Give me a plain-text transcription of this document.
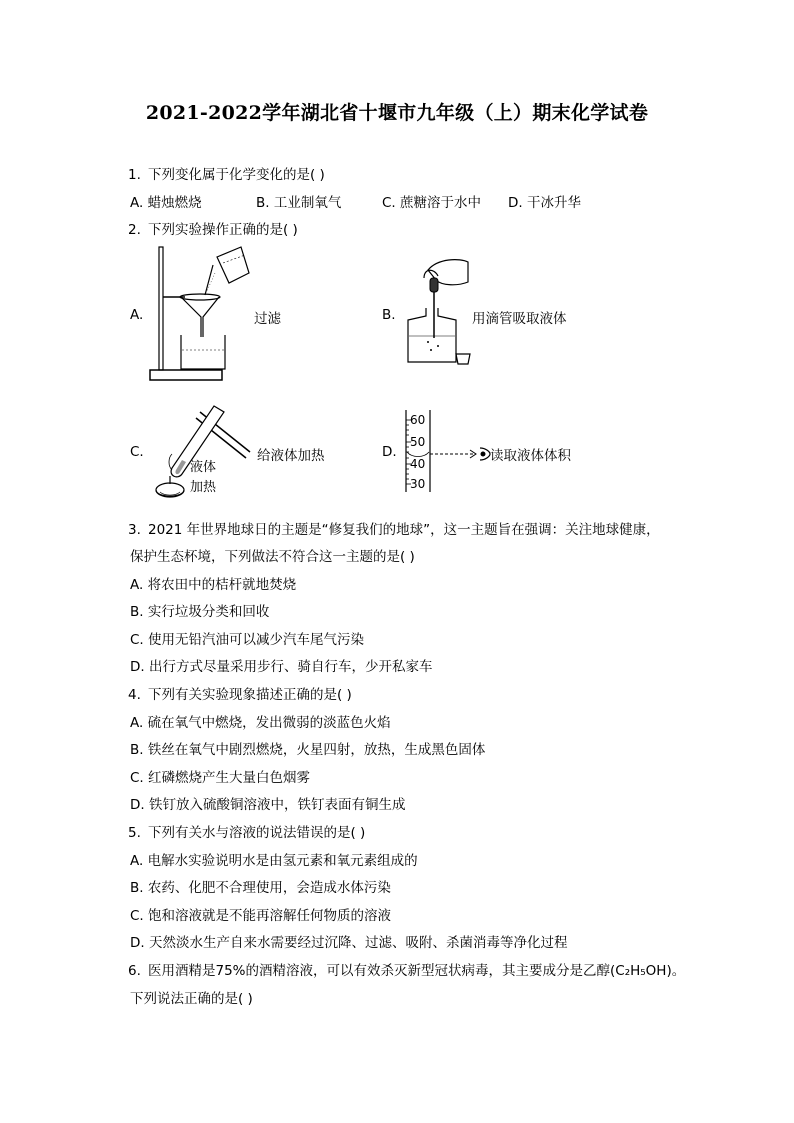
2021-2022学年湖北省十堰市九年级（上）期末化学试卷
1. 下列变化属于化学变化的是( )
A. 蜡烛燃烧	B. 工业制氧气	C. 蔗糖溶于水中 D. 干冰升华
2. 下列实验操作正确的是( )
A.	过滤	B.	用滴管吸取液体
C.
液体
加热
给液体加热	D.
60
50
40
30
读取液体体积
3. 2021 年世界地球日的主题是“修复我们的地球”，这一主题旨在强调：关注地球健康，
保护生态杯境，下列做法不符合这一主题的是( )
A. 将农田中的桔杆就地焚烧
B. 实行垃圾分类和回收
C. 使用无铅汽油可以减少汽车尾气污染
D. 出行方式尽量采用步行、骑自行车，少开私家车
4. 下列有关实验现象描述正确的是( )
A. 硫在氧气中燃烧，发出微弱的淡蓝色火焰
B. 铁丝在氧气中剧烈燃烧，火星四射，放热，生成黑色固体
C. 红磷燃烧产生大量白色烟雾
D. 铁钉放入硫酸铜溶液中，铁钉表面有铜生成
5. 下列有关水与溶液的说法错误的是( )
A. 电解水实验说明水是由氢元素和氧元素组成的
B. 农药、化肥不合理使用，会造成水体污染
C. 饱和溶液就是不能再溶解任何物质的溶液
D. 天然淡水生产自来水需要经过沉降、过滤、吸附、杀菌消毒等净化过程
6. 医用酒精是75%的酒精溶液，可以有效杀灭新型冠状病毒，其主要成分是乙醇(C₂H₅OH)。
下列说法正确的是( )
